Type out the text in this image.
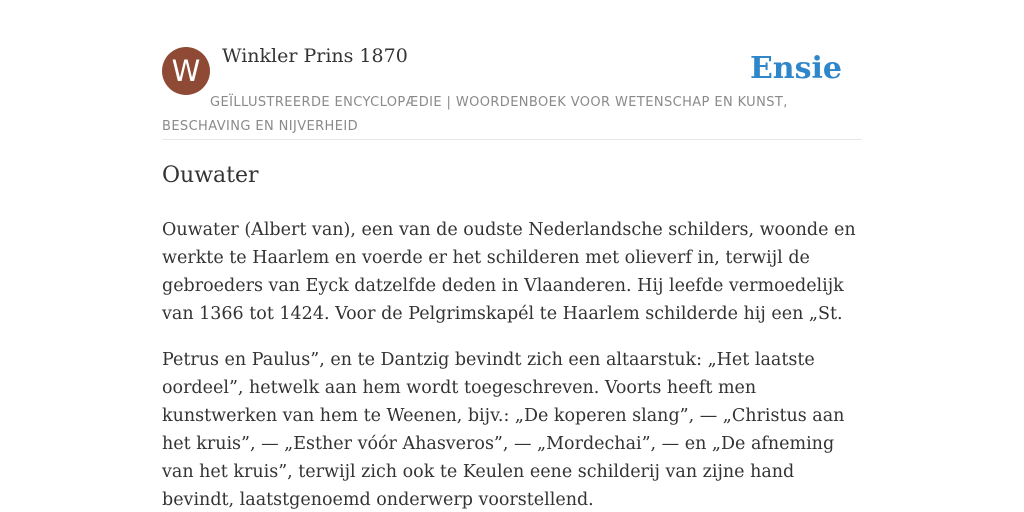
W	Winkler Prins 1870	Ensie
GEÏLLUSTREERDE ENCYCLOPÆDIE | WOORDENBOEK VOOR WETENSCHAP EN KUNST, BESCHAVING EN NIJVERHEID
Ouwater

Ouwater (Albert van), een van de oudste Nederlandsche schilders, woonde en werkte te Haarlem en voerde er het schilderen met olieverf in, terwijl de gebroeders van Eyck datzelfde deden in Vlaanderen. Hij leefde vermoedelijk van 1366 tot 1424. Voor de Pelgrimskapél te Haarlem schilderde hij een „St.

Petrus en Paulus”, en te Dantzig bevindt zich een altaarstuk: „Het laatste oordeel”, hetwelk aan hem wordt toegeschreven. Voorts heeft men kunstwerken van hem te Weenen, bijv.: „De koperen slang”, — „Christus aan het kruis”, — „Esther vóór Ahasveros”, — „Mordechai”, — en „De afneming van het kruis”, terwijl zich ook te Keulen eene schilderij van zijne hand bevindt, laatstgenoemd onderwerp voorstellend.
